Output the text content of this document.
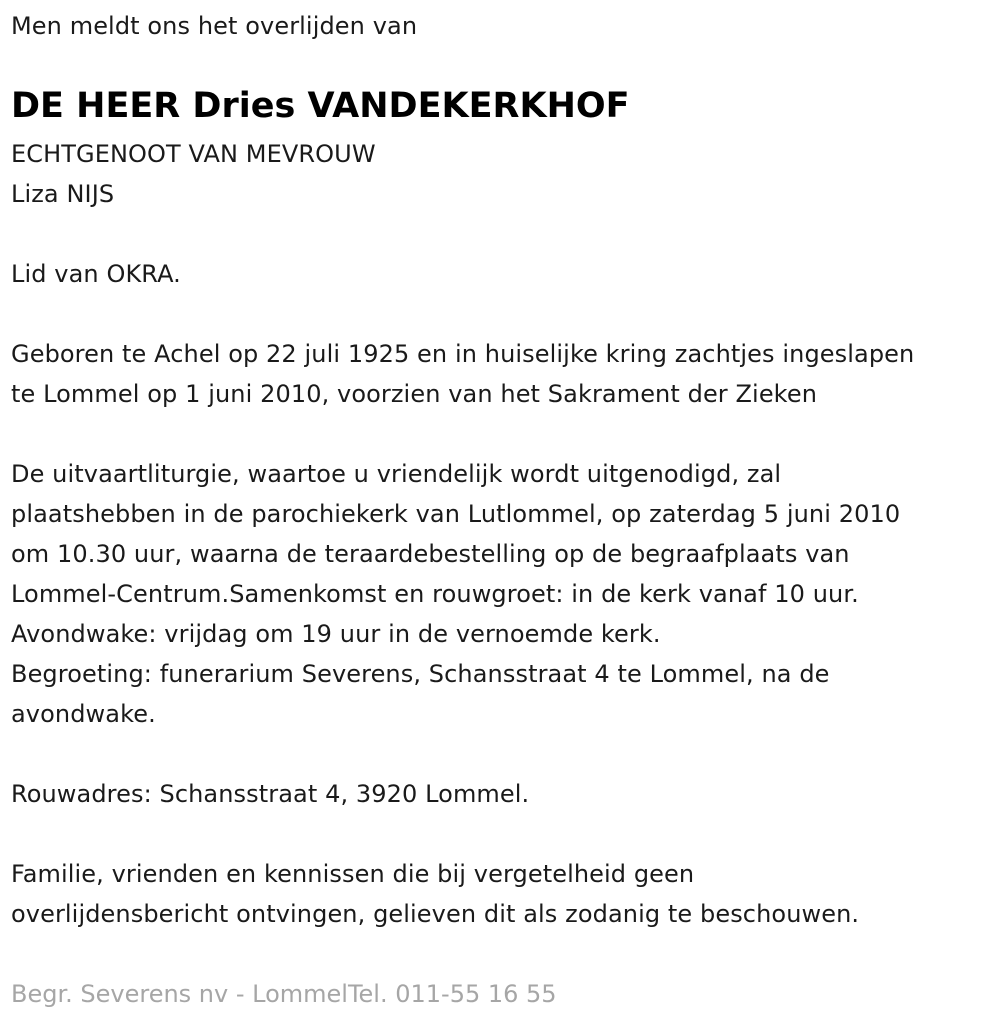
Men meldt ons het overlijden van
DE HEER Dries VANDEKERKHOF
ECHTGENOOT VAN MEVROUW
Liza NIJS
Lid van OKRA.
Geboren te Achel op 22 juli 1925 en in huiselijke kring zachtjes ingeslapen
te Lommel op 1 juni 2010, voorzien van het Sakrament der Zieken
De uitvaartliturgie, waartoe u vriendelijk wordt uitgenodigd, zal
plaatshebben in de parochiekerk van Lutlommel, op zaterdag 5 juni 2010
om 10.30 uur, waarna de teraardebestelling op de begraafplaats van
Lommel-Centrum.Samenkomst en rouwgroet: in de kerk vanaf 10 uur.
Avondwake: vrijdag om 19 uur in de vernoemde kerk.
Begroeting: funerarium Severens, Schansstraat 4 te Lommel, na de
avondwake.
Rouwadres: Schansstraat 4, 3920 Lommel.
Familie, vrienden en kennissen die bij vergetelheid geen
overlijdensbericht ontvingen, gelieven dit als zodanig te beschouwen.
Begr. Severens nv - LommelTel. 011-55 16 55
